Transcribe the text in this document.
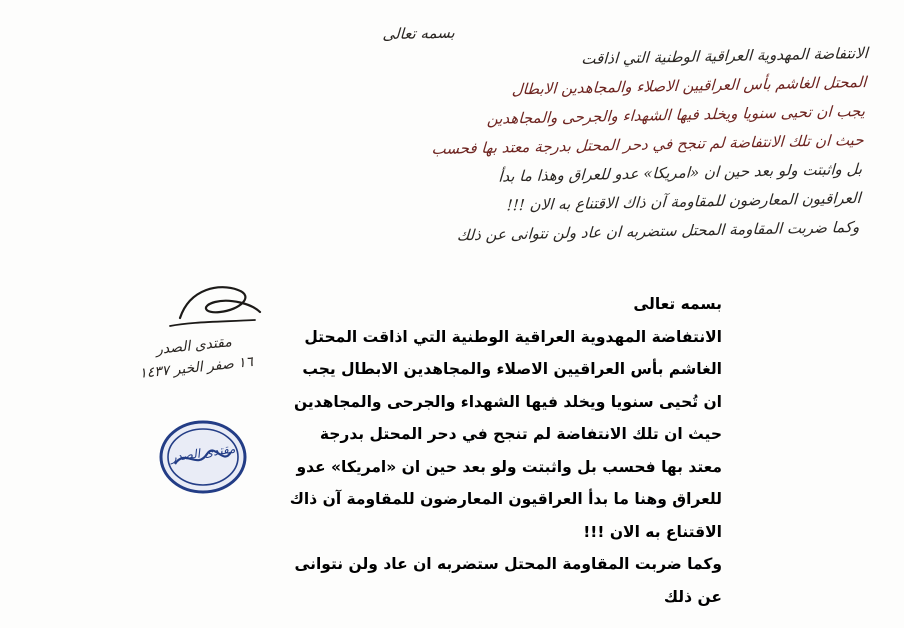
بسمه تعالى
الانتفاضة المهدوية العراقية الوطنية التي اذاقت
المحتل الغاشم بأس العراقيين الاصلاء والمجاهدين الابطال
يجب ان تحيى سنويا ويخلد فيها الشهداء والجرحى والمجاهدين
حيث ان تلك الانتفاضة لم تنجح في دحر المحتل بدرجة معتد بها فحسب
بل واثبتت ولو بعد حين ان «امريكا» عدو للعراق وهذا ما بدأ
العراقيون المعارضون للمقاومة آن ذاك الاقتناع به الان !!!
وكما ضربت المقاومة المحتل ستضربه ان عاد ولن نتوانى عن ذلك
مقتدى الصدر
١٦ صفر الخير ١٤٣٧
مقتدى الصدر
بسمه تعالى
الانتفاضة المهدوية العراقية الوطنية التي اذاقت المحتل
الغاشم بأس العراقيين الاصلاء والمجاهدين الابطال يجب
ان تُحيى سنويا ويخلد فيها الشهداء والجرحى والمجاهدين
حيث ان تلك الانتفاضة لم تنجح في دحر المحتل بدرجة
معتد بها فحسب بل واثبتت ولو بعد حين ان «امريكا» عدو
للعراق وهنا ما بدأ العراقيون المعارضون للمقاومة آن ذاك
الاقتناع به الان !!!
وكما ضربت المقاومة المحتل ستضربه ان عاد ولن نتوانى
عن ذلك
